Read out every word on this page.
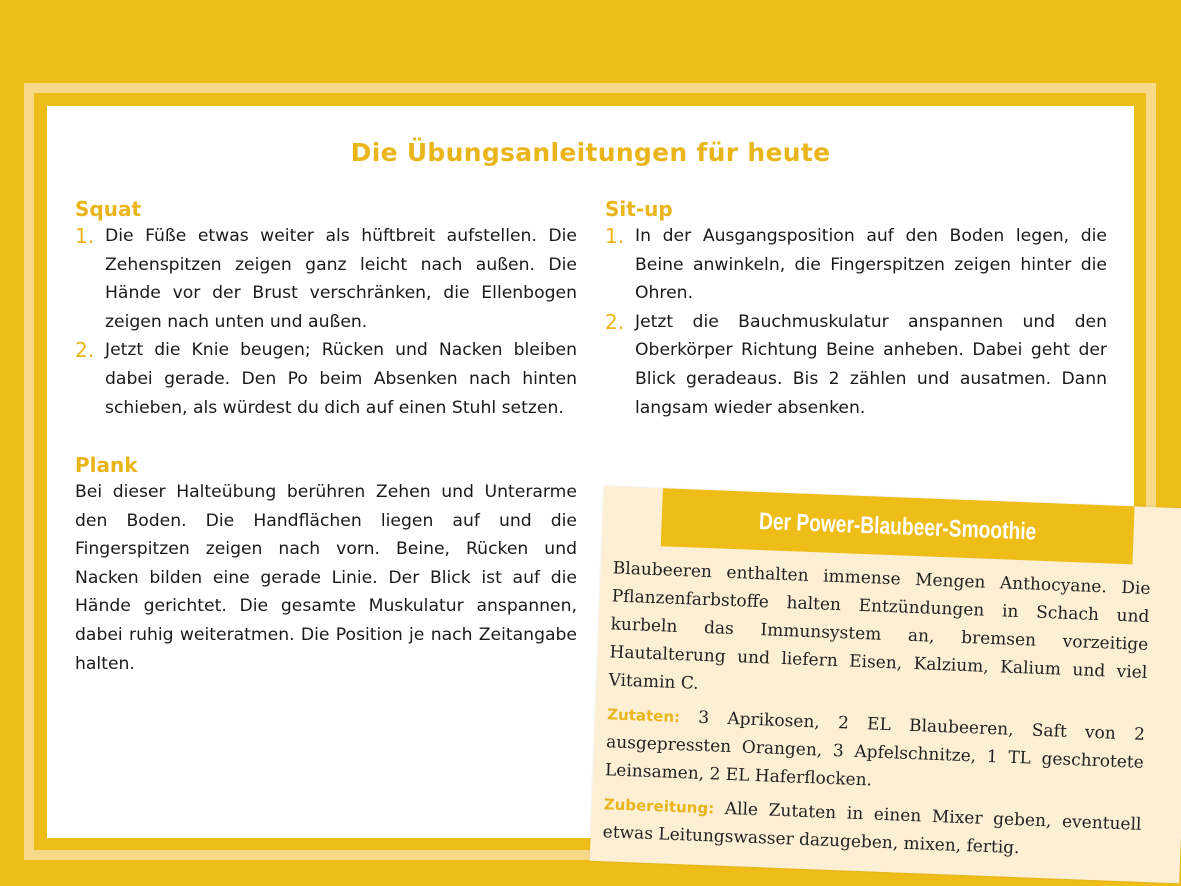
Die Übungsanleitungen für heute
Squat
1. Die Füße etwas weiter als hüftbreit aufstellen. Die Zehenspitzen zeigen ganz leicht nach außen. Die Hände vor der Brust verschränken, die Ellenbogen zeigen nach unten und außen.
2. Jetzt die Knie beugen; Rücken und Nacken bleiben dabei gerade. Den Po beim Absenken nach hinten schieben, als würdest du dich auf einen Stuhl setzen.
Plank
Bei dieser Halteübung berühren Zehen und Unterarme den Boden. Die Handflächen liegen auf und die Fingerspitzen zeigen nach vorn. Beine, Rücken und Nacken bilden eine gerade Linie. Der Blick ist auf die Hände gerichtet. Die gesamte Muskulatur anspannen, dabei ruhig weiteratmen. Die Position je nach Zeitangabe halten.
Sit-up
1. In der Ausgangsposition auf den Boden legen, die Beine anwinkeln, die Fingerspitzen zeigen hinter die Ohren.
2. Jetzt die Bauchmuskulatur anspannen und den Oberkörper Richtung Beine anheben. Dabei geht der Blick geradeaus. Bis 2 zählen und ausatmen. Dann langsam wieder absenken.
Der Power-Blaubeer-Smoothie

Blaubeeren enthalten immense Mengen Anthocyane. Die Pflanzenfarbstoffe halten Entzündungen in Schach und kurbeln das Immunsystem an, bremsen vorzeitige Hautalterung und liefern Eisen, Kalzium, Kalium und viel Vitamin C.

Zutaten: 3 Aprikosen, 2 EL Blaubeeren, Saft von 2 ausgepressten Orangen, 3 Apfelschnitze, 1 TL geschrotete Leinsamen, 2 EL Haferflocken.

Zubereitung: Alle Zutaten in einen Mixer geben, eventuell etwas Leitungswasser dazugeben, mixen, fertig.
